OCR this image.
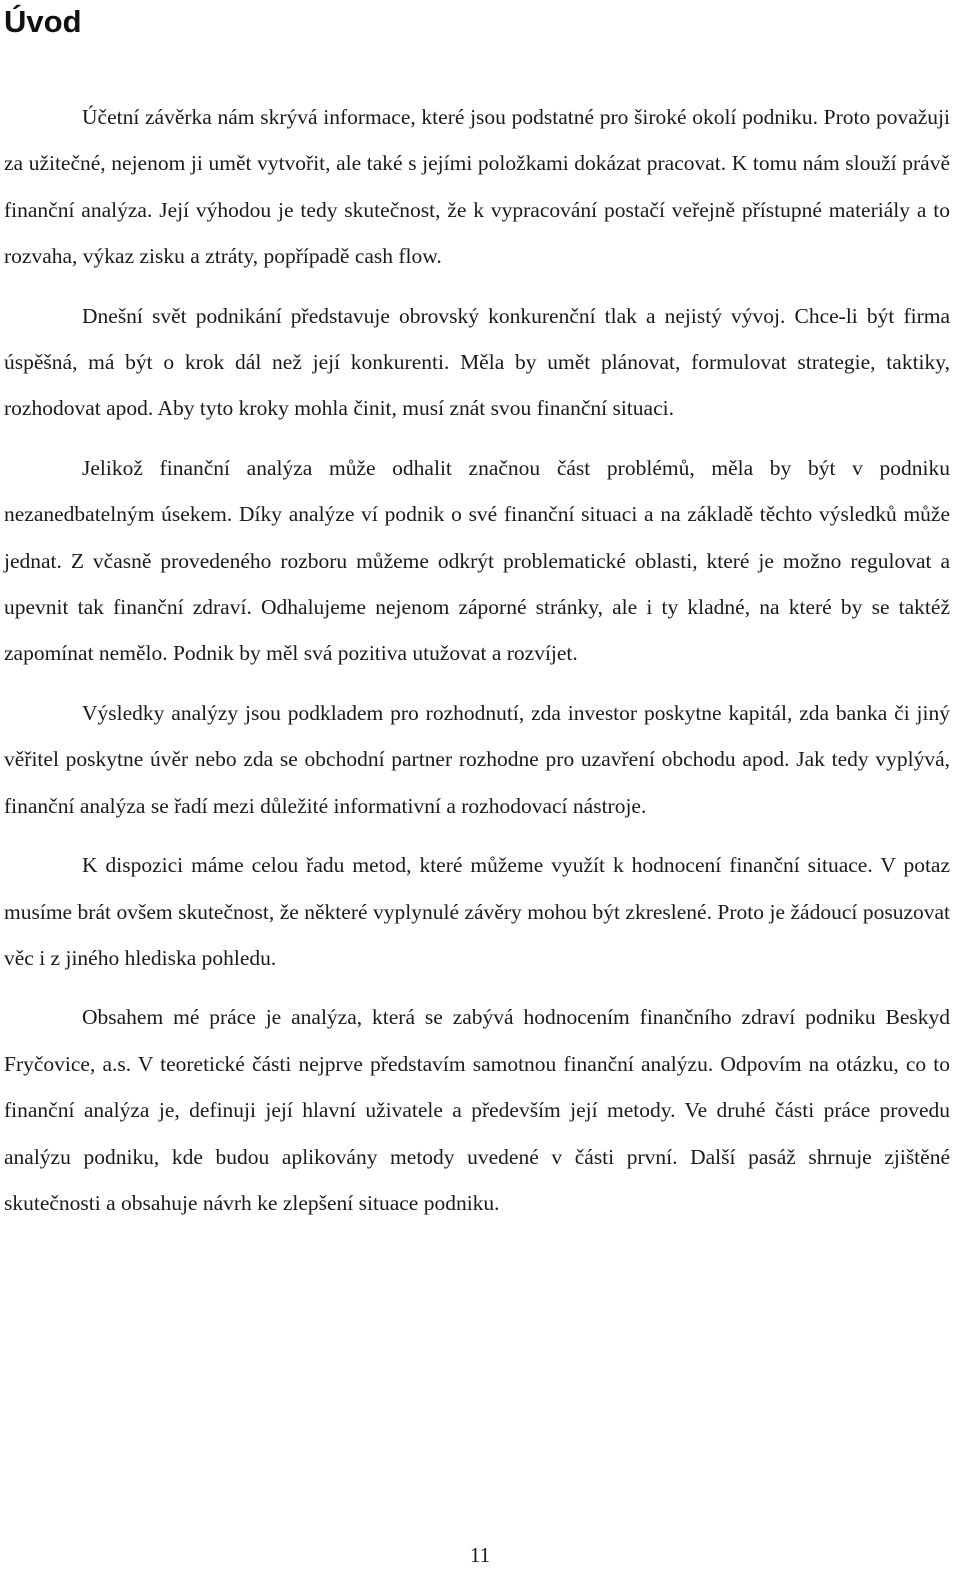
Úvod

Účetní závěrka nám skrývá informace, které jsou podstatné pro široké okolí podniku. Proto považuji za užitečné, nejenom ji umět vytvořit, ale také s jejími položkami dokázat pracovat. K tomu nám slouží právě finanční analýza. Její výhodou je tedy skutečnost, že k vypracování postačí veřejně přístupné materiály a to rozvaha, výkaz zisku a ztráty, popřípadě cash flow.

Dnešní svět podnikání představuje obrovský konkurenční tlak a nejistý vývoj. Chce-li být firma úspěšná, má být o krok dál než její konkurenti. Měla by umět plánovat, formulovat strategie, taktiky, rozhodovat apod. Aby tyto kroky mohla činit, musí znát svou finanční situaci.

Jelikož finanční analýza může odhalit značnou část problémů, měla by být v podniku nezanedbatelným úsekem. Díky analýze ví podnik o své finanční situaci a na základě těchto výsledků může jednat. Z včasně provedeného rozboru můžeme odkrýt problematické oblasti, které je možno regulovat a upevnit tak finanční zdraví. Odhalujeme nejenom záporné stránky, ale i ty kladné, na které by se taktéž zapomínat nemělo. Podnik by měl svá pozitiva utužovat a rozvíjet.

Výsledky analýzy jsou podkladem pro rozhodnutí, zda investor poskytne kapitál, zda banka či jiný věřitel poskytne úvěr nebo zda se obchodní partner rozhodne pro uzavření obchodu apod. Jak tedy vyplývá, finanční analýza se řadí mezi důležité informativní a rozhodovací nástroje.

K dispozici máme celou řadu metod, které můžeme využít k hodnocení finanční situace. V potaz musíme brát ovšem skutečnost, že některé vyplynulé závěry mohou být zkreslené. Proto je žádoucí posuzovat věc i z jiného hlediska pohledu.

Obsahem mé práce je analýza, která se zabývá hodnocením finančního zdraví podniku Beskyd Fryčovice, a.s. V teoretické části nejprve představím samotnou finanční analýzu. Odpovím na otázku, co to finanční analýza je, definuji její hlavní uživatele a především její metody. Ve druhé části práce provedu analýzu podniku, kde budou aplikovány metody uvedené v části první. Další pasáž shrnuje zjištěné skutečnosti a obsahuje návrh ke zlepšení situace podniku.

11
